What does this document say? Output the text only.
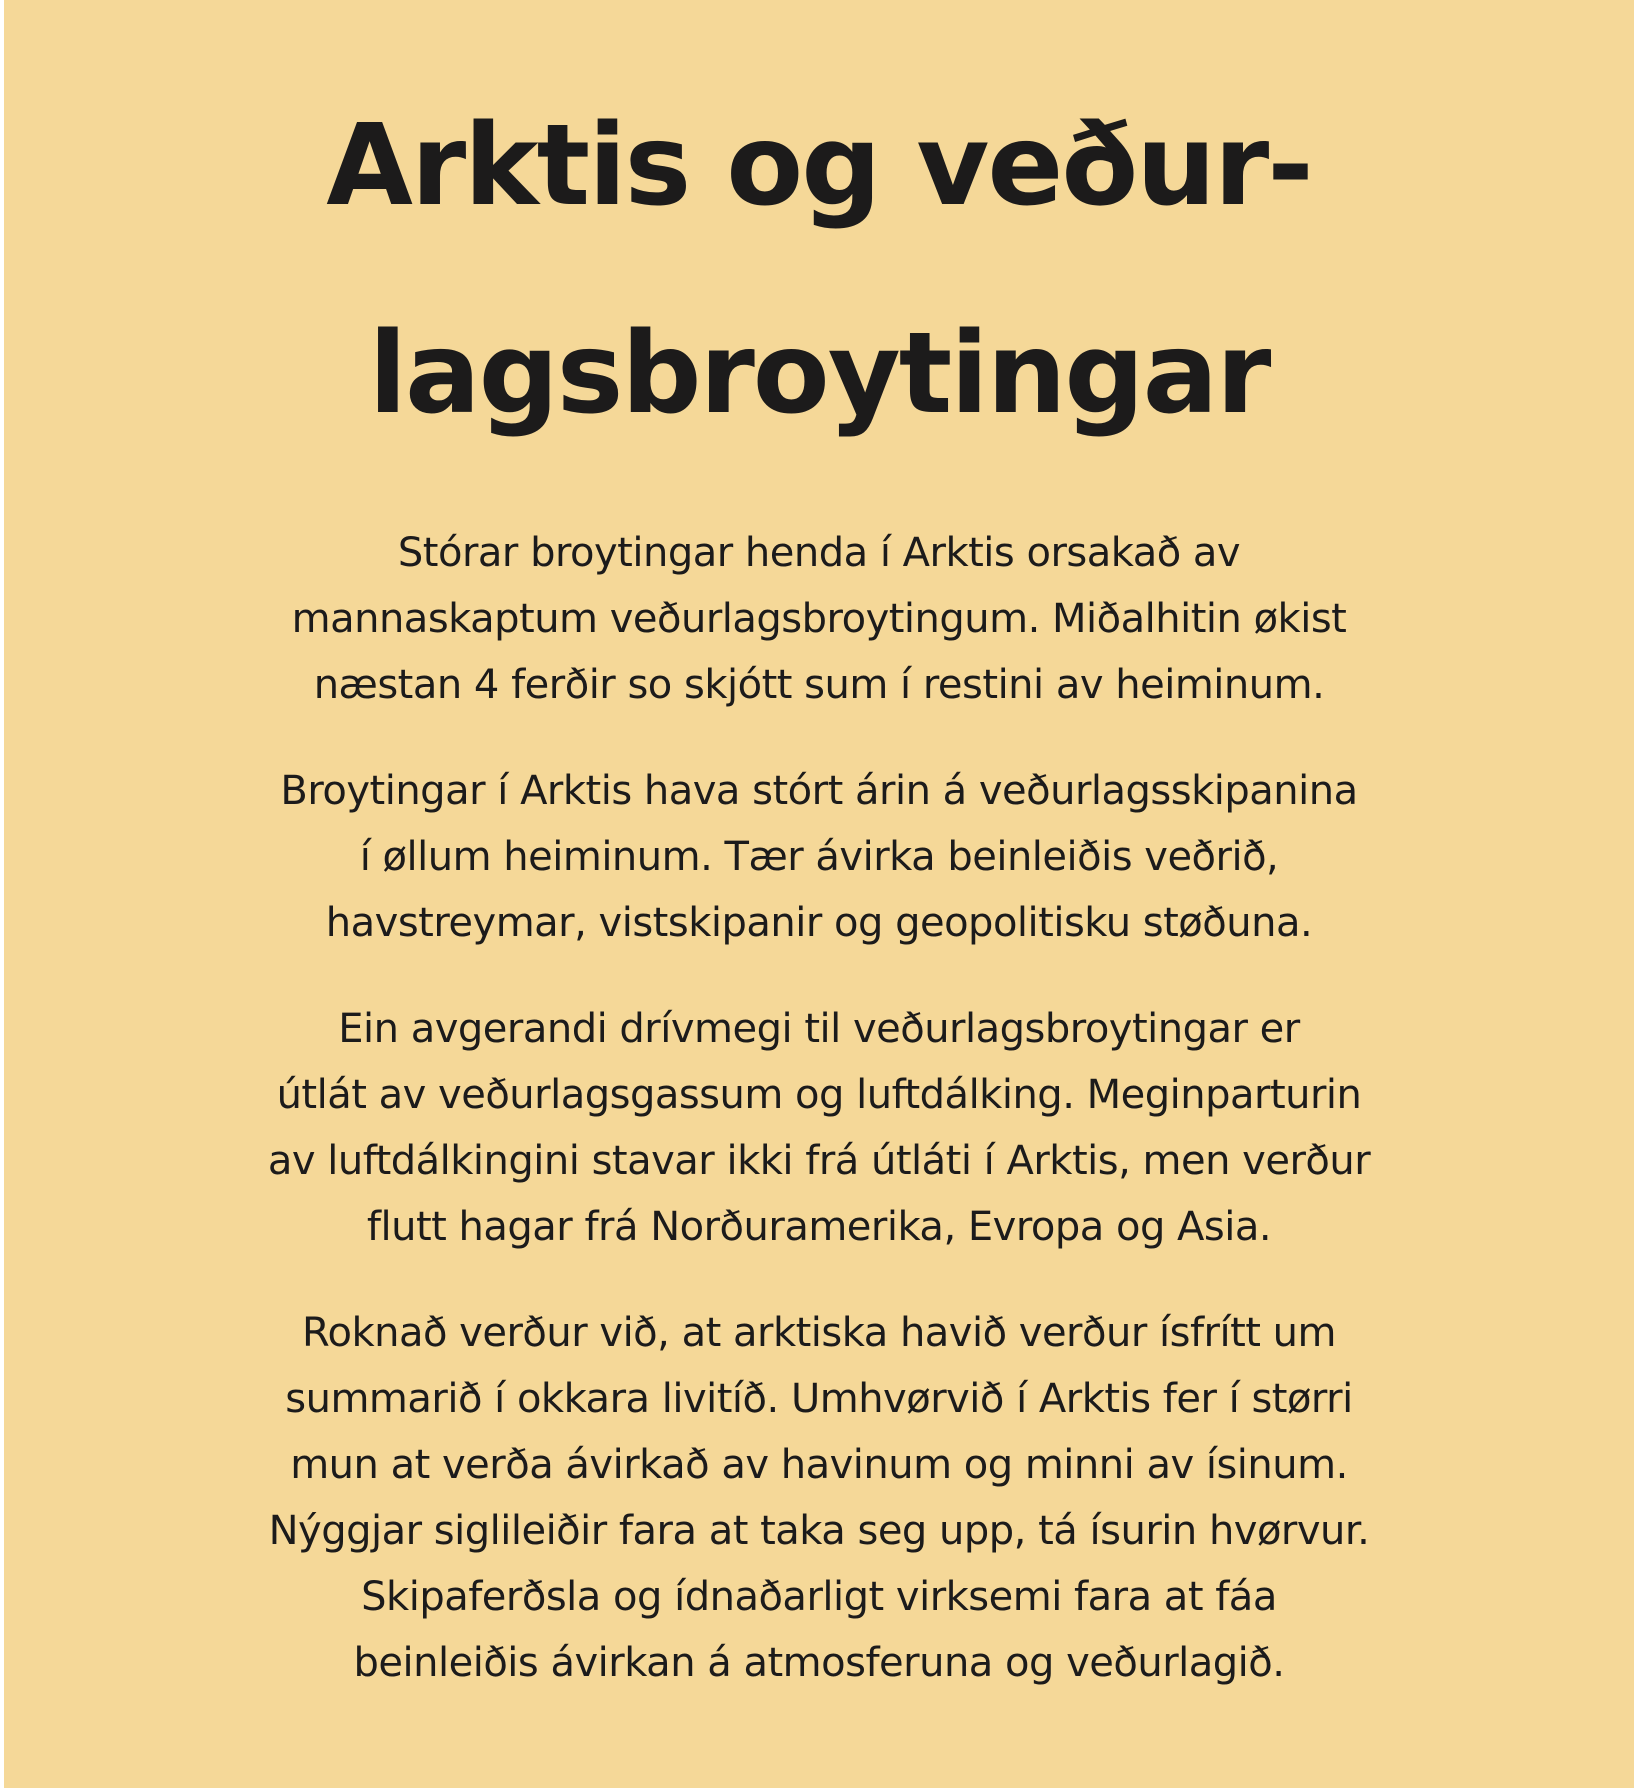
Arktis og veður-
lagsbroytingar

Stórar broytingar henda í Arktis orsakað av
mannaskaptum veðurlagsbroytingum. Miðalhitin økist
næstan 4 ferðir so skjótt sum í restini av heiminum.

Broytingar í Arktis hava stórt árin á veðurlagsskipanina
í øllum heiminum. Tær ávirka beinleiðis veðrið,
havstreymar, vistskipanir og geopolitisku støðuna.

Ein avgerandi drívmegi til veðurlagsbroytingar er
útlát av veðurlagsgassum og luftdálking. Meginparturin
av luftdálkingini stavar ikki frá útláti í Arktis, men verður
flutt hagar frá Norðuramerika, Evropa og Asia.

Roknað verður við, at arktiska havið verður ísfrítt um
summarið í okkara livitíð. Umhvørvið í Arktis fer í størri
mun at verða ávirkað av havinum og minni av ísinum.
Nýggjar siglileiðir fara at taka seg upp, tá ísurin hvørvur.
Skipaferðsla og ídnaðarligt virksemi fara at fáa
beinleiðis ávirkan á atmosferuna og veðurlagið.
